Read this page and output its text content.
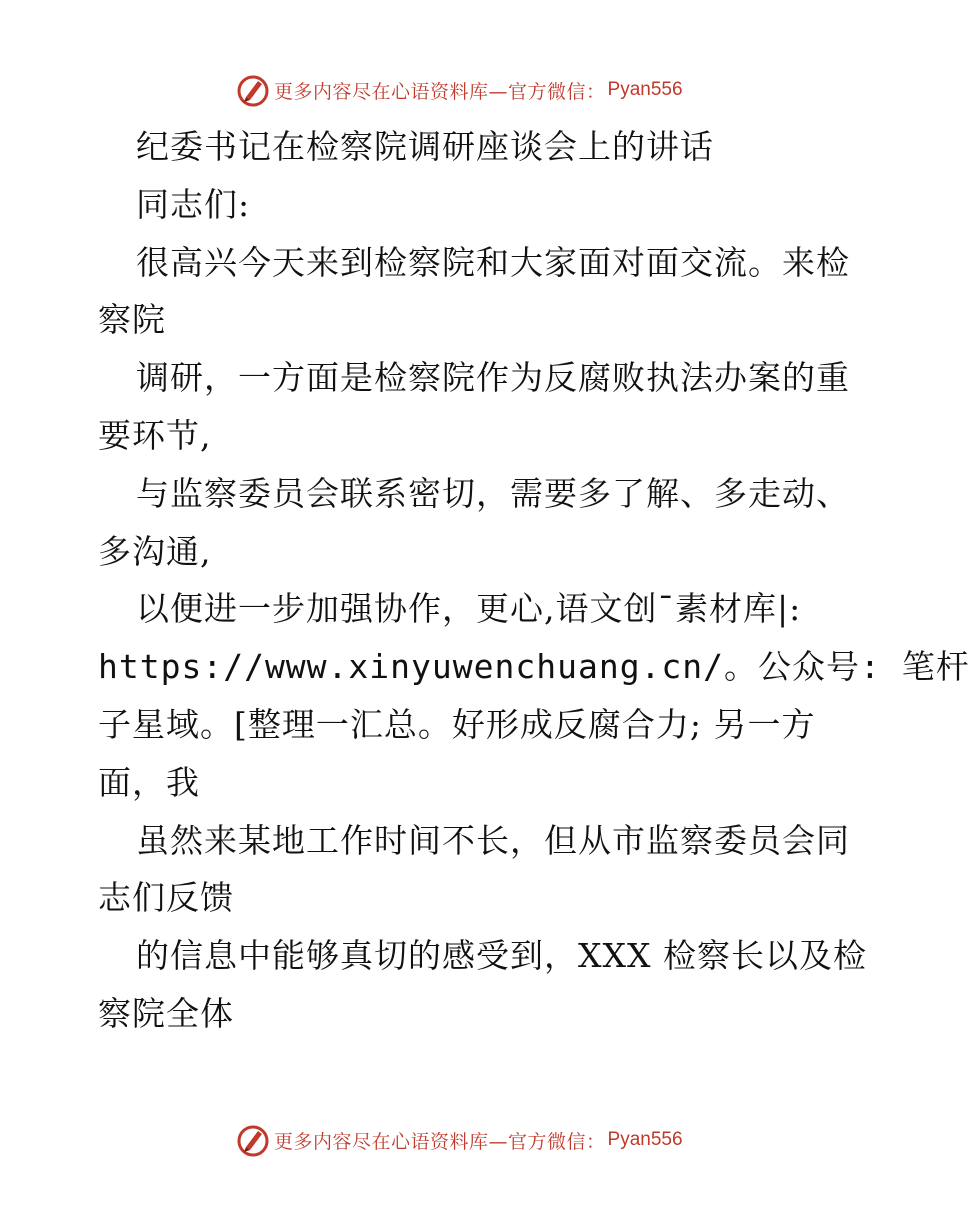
更多内容尽在心语资料库—官方微信： Pyan556
纪委书记在检察院调研座谈会上的讲话
同志们:
很高兴今天来到检察院和大家面对面交流。来检
察院
调研，一方面是检察院作为反腐败执法办案的重
要环节,
与监察委员会联系密切，需要多了解、多走动、
多沟通,
以便进一步加强协作，更心,语文创¯素材库|:
https://www.xinyuwenchuang.cn/。公众号: 笔杆
子星域。[整理一汇总。好形成反腐合力; 另一方
面，我
虽然来某地工作时间不长，但从市监察委员会同
志们反馈
的信息中能够真切的感受到，XXX 检察长以及检
察院全体
更多内容尽在心语资料库—官方微信： Pyan556
